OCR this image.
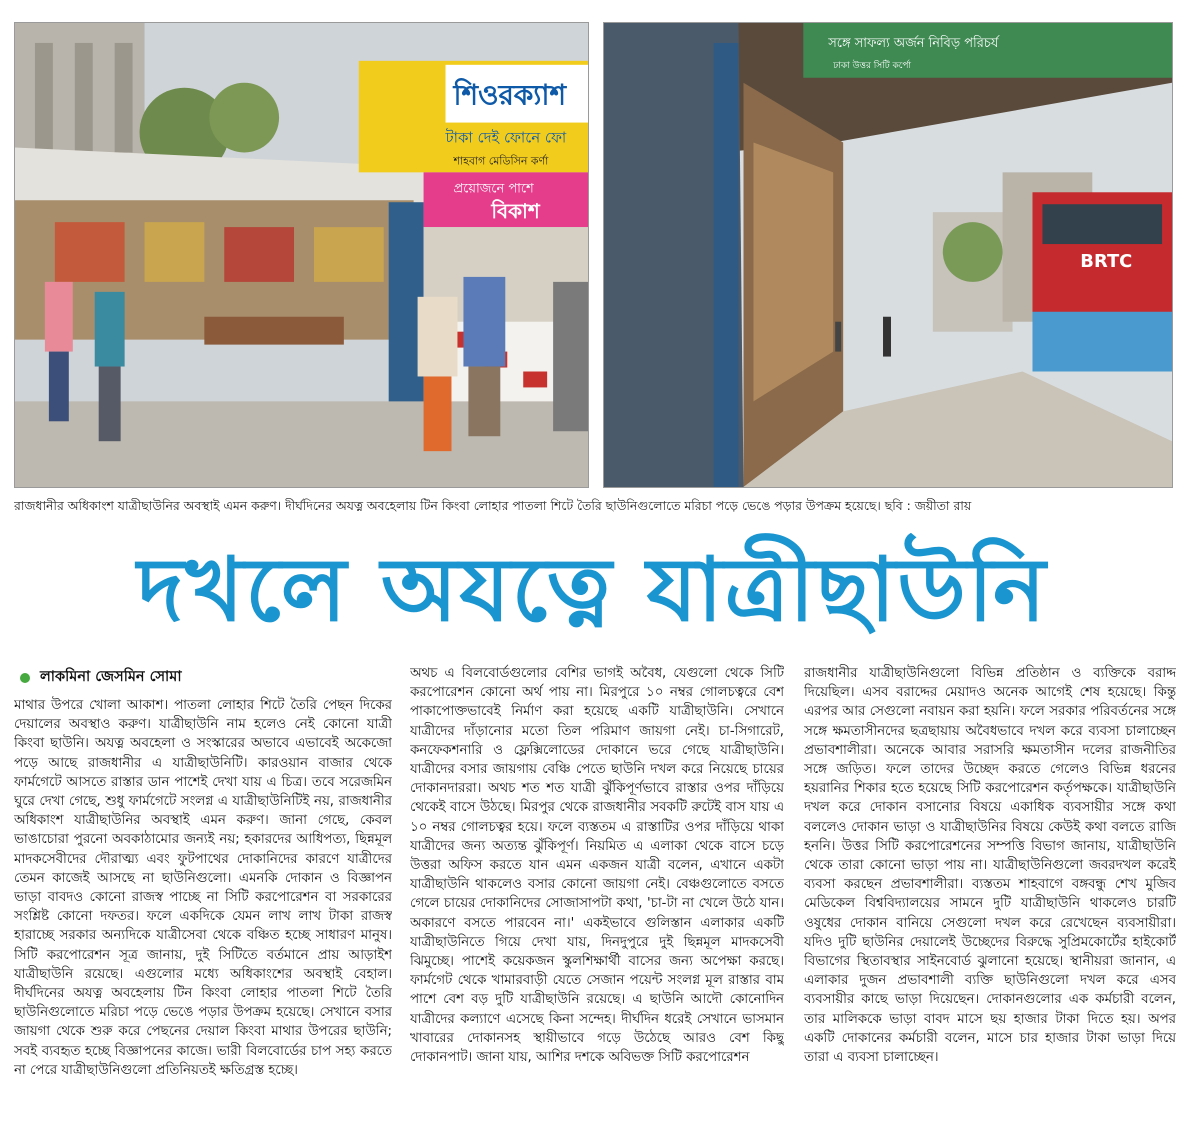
শিওরক্যাশ
টাকা দেই ফোনে ফো
শাহবাগ মেডিসিন কর্ণা
প্রয়োজনে পাশে
বিকাশ
সঙ্গে সাফল্য অর্জন নিবিড় পরিচর্য
ঢাকা উত্তর সিটি কর্পো
BRTC
রাজধানীর অধিকাংশ যাত্রীছাউনির অবস্থাই এমন করুণ। দীর্ঘদিনের অযত্ন অবহেলায় টিন কিংবা লোহার পাতলা শিটে তৈরি ছাউনিগুলোতে মরিচা পড়ে ভেঙে পড়ার উপক্রম হয়েছে। ছবি : জয়ীতা রায়
দখলে অযত্নে যাত্রীছাউনি
লাকমিনা জেসমিন সোমা

মাথার উপরে খোলা আকাশ। পাতলা লোহার শিটে তৈরি পেছন দিকের দেয়ালের অবস্থাও করুণ। যাত্রীছাউনি নাম হলেও নেই কোনো যাত্রী কিংবা ছাউনি। অযত্ন অবহেলা ও সংস্কারের অভাবে এভাবেই অকেজো পড়ে আছে রাজধানীর এ যাত্রীছাউনিটি। কারওয়ান বাজার থেকে ফার্মগেটে আসতে রাস্তার ডান পাশেই দেখা যায় এ চিত্র। তবে সরেজমিন ঘুরে দেখা গেছে, শুধু ফার্মগেটে সংলগ্ন এ যাত্রীছাউনিটিই নয়, রাজধানীর অধিকাংশ যাত্রীছাউনির অবস্থাই এমন করুণ। জানা গেছে, কেবল ভাঙাচোরা পুরনো অবকাঠামোর জন্যই নয়; হকারদের আধিপত্য, ছিন্নমূল মাদকসেবীদের দৌরাত্ম্য এবং ফুটপাথের দোকানিদের কারণে যাত্রীদের তেমন কাজেই আসছে না ছাউনিগুলো। এমনকি দোকান ও বিজ্ঞাপন ভাড়া বাবদও কোনো রাজস্ব পাচ্ছে না সিটি করপোরেশন বা সরকারের সংশ্লিষ্ট কোনো দফতর। ফলে একদিকে যেমন লাখ লাখ টাকা রাজস্ব হারাচ্ছে সরকার অন্যদিকে যাত্রীসেবা থেকে বঞ্চিত হচ্ছে সাধারণ মানুষ। সিটি করপোরেশন সূত্র জানায়, দুই সিটিতে বর্তমানে প্রায় আড়াইশ যাত্রীছাউনি রয়েছে। এগুলোর মধ্যে অধিকাংশের অবস্থাই বেহাল। দীর্ঘদিনের অযত্ন অবহেলায় টিন কিংবা লোহার পাতলা শিটে তৈরি ছাউনিগুলোতে মরিচা পড়ে ভেঙে পড়ার উপক্রম হয়েছে। সেখানে বসার জায়গা থেকে শুরু করে পেছনের দেয়াল কিংবা মাথার উপরের ছাউনি; সবই ব্যবহৃত হচ্ছে বিজ্ঞাপনের কাজে। ভারী বিলবোর্ডের চাপ সহ্য করতে না পেরে যাত্রীছাউনিগুলো প্রতিনিয়তই ক্ষতিগ্রস্ত হচ্ছে।

অথচ এ বিলবোর্ডগুলোর বেশির ভাগই অবৈধ, যেগুলো থেকে সিটি করপোরেশন কোনো অর্থ পায় না। মিরপুরে ১০ নম্বর গোলচত্বরে বেশ পাকাপোক্তভাবেই নির্মাণ করা হয়েছে একটি যাত্রীছাউনি। সেখানে যাত্রীদের দাঁড়ানোর মতো তিল পরিমাণ জায়গা নেই। চা-সিগারেট, কনফেকশনারি ও ফ্লেক্সিলোডের দোকানে ভরে গেছে যাত্রীছাউনি। যাত্রীদের বসার জায়গায় বেঞ্চি পেতে ছাউনি দখল করে নিয়েছে চায়ের দোকানদাররা। অথচ শত শত যাত্রী ঝুঁকিপূর্ণভাবে রাস্তার ওপর দাঁড়িয়ে থেকেই বাসে উঠছে। মিরপুর থেকে রাজধানীর সবকটি রুটেই বাস যায় এ ১০ নম্বর গোলচত্বর হয়ে। ফলে ব্যস্ততম এ রাস্তাটির ওপর দাঁড়িয়ে থাকা যাত্রীদের জন্য অত্যন্ত ঝুঁকিপূর্ণ। নিয়মিত এ এলাকা থেকে বাসে চড়ে উত্তরা অফিস করতে যান এমন একজন যাত্রী বলেন, এখানে একটা যাত্রীছাউনি থাকলেও বসার কোনো জায়গা নেই। বেঞ্চগুলোতে বসতে গেলে চায়ের দোকানিদের সোজাসাপটা কথা, 'চা-টা না খেলে উঠে যান। অকারণে বসতে পারবেন না।' একইভাবে গুলিস্তান এলাকার একটি যাত্রীছাউনিতে গিয়ে দেখা যায়, দিনদুপুরে দুই ছিন্নমূল মাদকসেবী ঝিমুচ্ছে। পাশেই কয়েকজন স্কুলশিক্ষার্থী বাসের জন্য অপেক্ষা করছে। ফার্মগেট থেকে খামারবাড়ী যেতে সেজান পয়েন্ট সংলগ্ন মূল রাস্তার বাম পাশে বেশ বড় দুটি যাত্রীছাউনি রয়েছে। এ ছাউনি আদৌ কোনোদিন যাত্রীদের কল্যাণে এসেছে কিনা সন্দেহ। দীর্ঘদিন ধরেই সেখানে ভাসমান খাবারের দোকানসহ স্থায়ীভাবে গড়ে উঠেছে আরও বেশ কিছু দোকানপাট। জানা যায়, আশির দশকে অবিভক্ত সিটি করপোরেশন

রাজধানীর যাত্রীছাউনিগুলো বিভিন্ন প্রতিষ্ঠান ও ব্যক্তিকে বরাদ্দ দিয়েছিল। এসব বরাদ্দের মেয়াদও অনেক আগেই শেষ হয়েছে। কিন্তু এরপর আর সেগুলো নবায়ন করা হয়নি। ফলে সরকার পরিবর্তনের সঙ্গে সঙ্গে ক্ষমতাসীনদের ছত্রছায়ায় অবৈধভাবে দখল করে ব্যবসা চালাচ্ছেন প্রভাবশালীরা। অনেকে আবার সরাসরি ক্ষমতাসীন দলের রাজনীতির সঙ্গে জড়িত। ফলে তাদের উচ্ছেদ করতে গেলেও বিভিন্ন ধরনের হয়রানির শিকার হতে হয়েছে সিটি করপোরেশন কর্তৃপক্ষকে। যাত্রীছাউনি দখল করে দোকান বসানোর বিষয়ে একাধিক ব্যবসায়ীর সঙ্গে কথা বললেও দোকান ভাড়া ও যাত্রীছাউনির বিষয়ে কেউই কথা বলতে রাজি হননি। উত্তর সিটি করপোরেশনের সম্পত্তি বিভাগ জানায়, যাত্রীছাউনি থেকে তারা কোনো ভাড়া পায় না। যাত্রীছাউনিগুলো জবরদখল করেই ব্যবসা করছেন প্রভাবশালীরা। ব্যস্ততম শাহবাগে বঙ্গবন্ধু শেখ মুজিব মেডিকেল বিশ্ববিদ্যালয়ের সামনে দুটি যাত্রীছাউনি থাকলেও চারটি ওষুধের দোকান বানিয়ে সেগুলো দখল করে রেখেছেন ব্যবসায়ীরা। যদিও দুটি ছাউনির দেয়ালেই উচ্ছেদের বিরুদ্ধে সুপ্রিমকোর্টের হাইকোর্ট বিভাগের স্থিতাবস্থার সাইনবোর্ড ঝুলানো হয়েছে। স্থানীয়রা জানান, এ এলাকার দুজন প্রভাবশালী ব্যক্তি ছাউনিগুলো দখল করে এসব ব্যবসায়ীর কাছে ভাড়া দিয়েছেন। দোকানগুলোর এক কর্মচারী বলেন, তার মালিককে ভাড়া বাবদ মাসে ছয় হাজার টাকা দিতে হয়। অপর একটি দোকানের কর্মচারী বলেন, মাসে চার হাজার টাকা ভাড়া দিয়ে তারা এ ব্যবসা চালাচ্ছেন।
